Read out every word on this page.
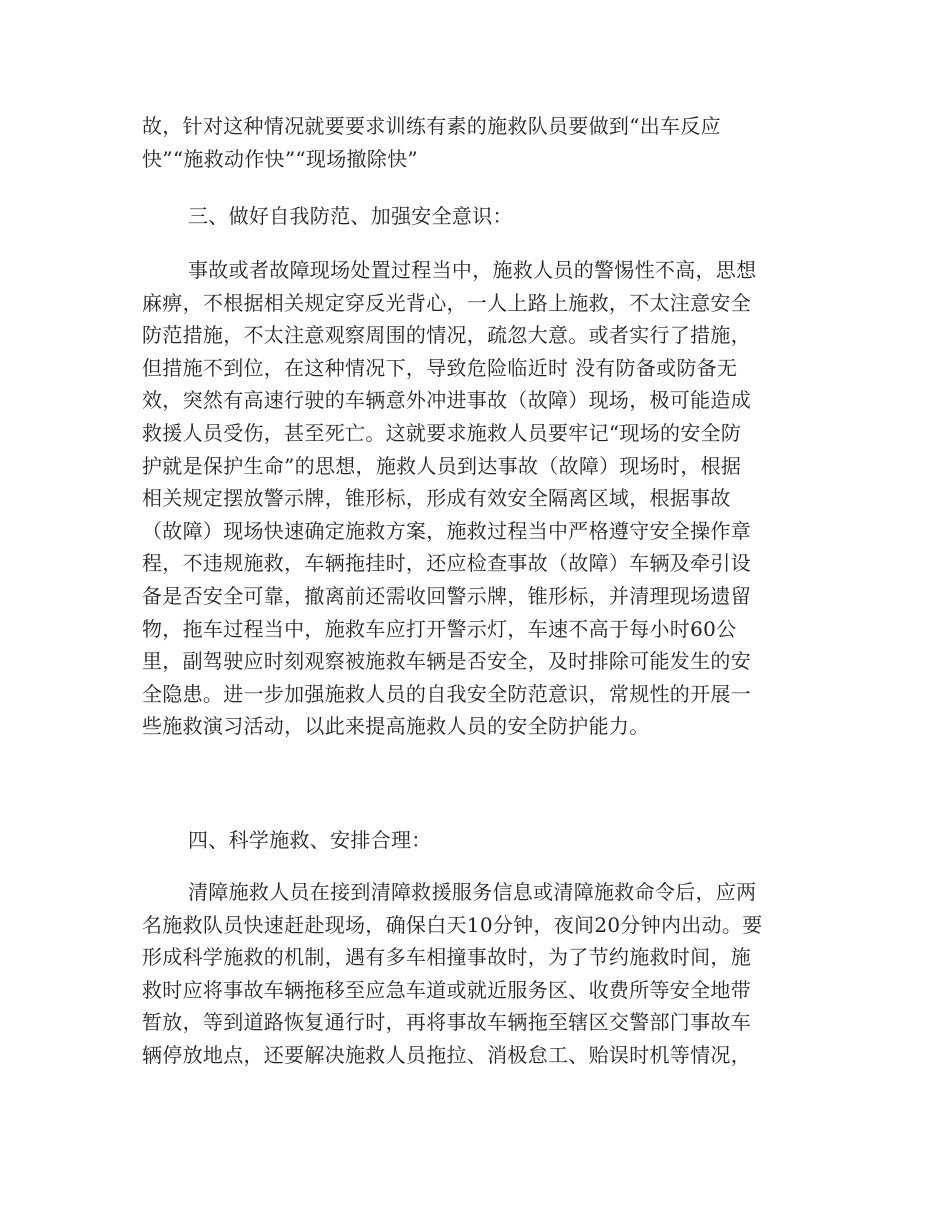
故，针对这种情况就要要求训练有素的施救队员要做到“出车反应
快”“施救动作快”“现场撤除快”
三、做好自我防范、加强安全意识：
事故或者故障现场处置过程当中，施救人员的警惕性不高，思想
麻痹，不根据相关规定穿反光背心，一人上路上施救，不太注意安全
防范措施，不太注意观察周围的情况，疏忽大意。或者实行了措施，
但措施不到位，在这种情况下，导致危险临近时 没有防备或防备无
效，突然有高速行驶的车辆意外冲进事故（故障）现场，极可能造成
救援人员受伤，甚至死亡。这就要求施救人员要牢记“现场的安全防
护就是保护生命”的思想，施救人员到达事故（故障）现场时，根据
相关规定摆放警示牌，锥形标，形成有效安全隔离区域，根据事故
（故障）现场快速确定施救方案，施救过程当中严格遵守安全操作章
程，不违规施救，车辆拖挂时，还应检查事故（故障）车辆及牵引设
备是否安全可靠，撤离前还需收回警示牌，锥形标，并清理现场遗留
物，拖车过程当中，施救车应打开警示灯，车速不高于每小时60公
里，副驾驶应时刻观察被施救车辆是否安全，及时排除可能发生的安
全隐患。进一步加强施救人员的自我安全防范意识，常规性的开展一
些施救演习活动，以此来提高施救人员的安全防护能力。
四、科学施救、安排合理：
清障施救人员在接到清障救援服务信息或清障施救命令后，应两
名施救队员快速赶赴现场，确保白天10分钟，夜间20分钟内出动。要
形成科学施救的机制，遇有多车相撞事故时，为了节约施救时间，施
救时应将事故车辆拖移至应急车道或就近服务区、收费所等安全地带
暂放，等到道路恢复通行时，再将事故车辆拖至辖区交警部门事故车
辆停放地点，还要解决施救人员拖拉、消极怠工、贻误时机等情况，
